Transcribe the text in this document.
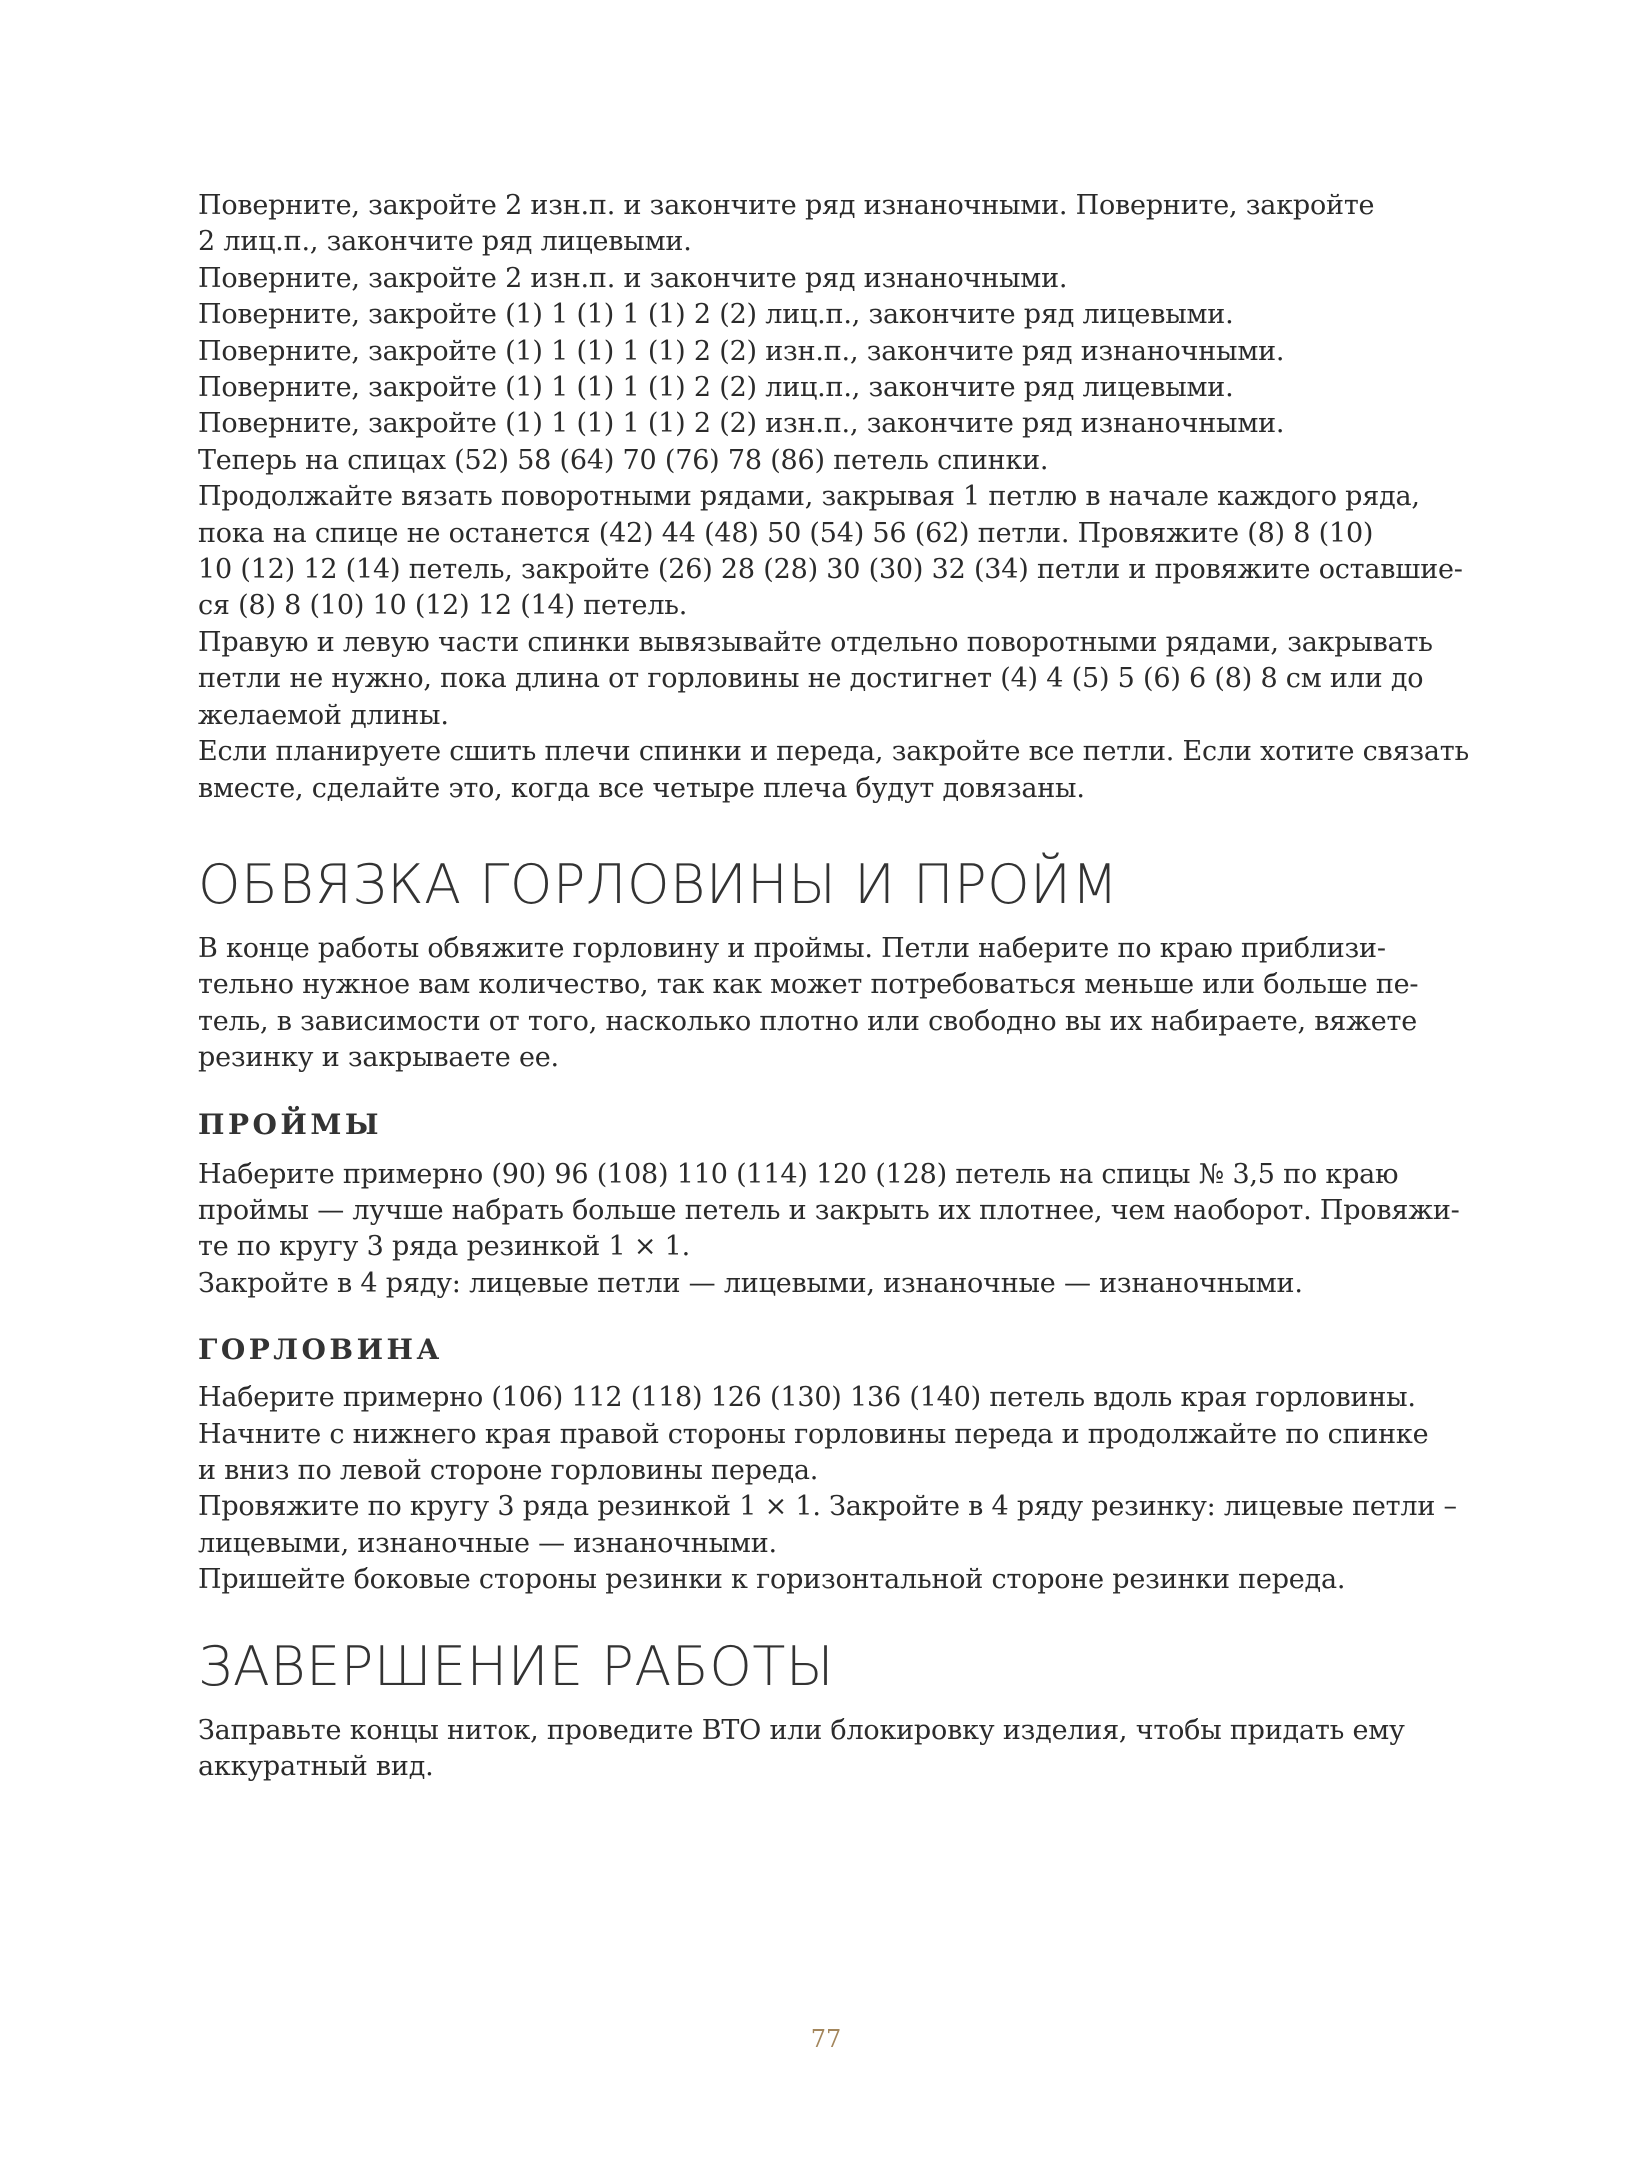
Поверните, закройте 2 изн.п. и закончите ряд изнаночными. Поверните, закройте
2 лиц.п., закончите ряд лицевыми.
Поверните, закройте 2 изн.п. и закончите ряд изнаночными.
Поверните, закройте (1) 1 (1) 1 (1) 2 (2) лиц.п., закончите ряд лицевыми.
Поверните, закройте (1) 1 (1) 1 (1) 2 (2) изн.п., закончите ряд изнаночными.
Поверните, закройте (1) 1 (1) 1 (1) 2 (2) лиц.п., закончите ряд лицевыми.
Поверните, закройте (1) 1 (1) 1 (1) 2 (2) изн.п., закончите ряд изнаночными.
Теперь на спицах (52) 58 (64) 70 (76) 78 (86) петель спинки.
Продолжайте вязать поворотными рядами, закрывая 1 петлю в начале каждого ряда,
пока на спице не останется (42) 44 (48) 50 (54) 56 (62) петли. Провяжите (8) 8 (10)
10 (12) 12 (14) петель, закройте (26) 28 (28) 30 (30) 32 (34) петли и провяжите оставшие-
ся (8) 8 (10) 10 (12) 12 (14) петель.
Правую и левую части спинки вывязывайте отдельно поворотными рядами, закрывать
петли не нужно, пока длина от горловины не достигнет (4) 4 (5) 5 (6) 6 (8) 8 см или до
желаемой длины.
Если планируете сшить плечи спинки и переда, закройте все петли. Если хотите связать
вместе, сделайте это, когда все четыре плеча будут довязаны.
ОБВЯЗКА ГОРЛОВИНЫ И ПРОЙМ
В конце работы обвяжите горловину и проймы. Петли наберите по краю приблизи-
тельно нужное вам количество, так как может потребоваться меньше или больше пе-
тель, в зависимости от того, насколько плотно или свободно вы их набираете, вяжете
резинку и закрываете ее.
ПРОЙМЫ
Наберите примерно (90) 96 (108) 110 (114) 120 (128) петель на спицы № 3,5 по краю
проймы — лучше набрать больше петель и закрыть их плотнее, чем наоборот. Провяжи-
те по кругу 3 ряда резинкой 1 × 1.
Закройте в 4 ряду: лицевые петли — лицевыми, изнаночные — изнаночными.
ГОРЛОВИНА
Наберите примерно (106) 112 (118) 126 (130) 136 (140) петель вдоль края горловины.
Начните с нижнего края правой стороны горловины переда и продолжайте по спинке
и вниз по левой стороне горловины переда.
Провяжите по кругу 3 ряда резинкой 1 × 1. Закройте в 4 ряду резинку: лицевые петли –
лицевыми, изнаночные — изнаночными.
Пришейте боковые стороны резинки к горизонтальной стороне резинки переда.
ЗАВЕРШЕНИЕ РАБОТЫ
Заправьте концы ниток, проведите ВТО или блокировку изделия, чтобы придать ему
аккуратный вид.
77
